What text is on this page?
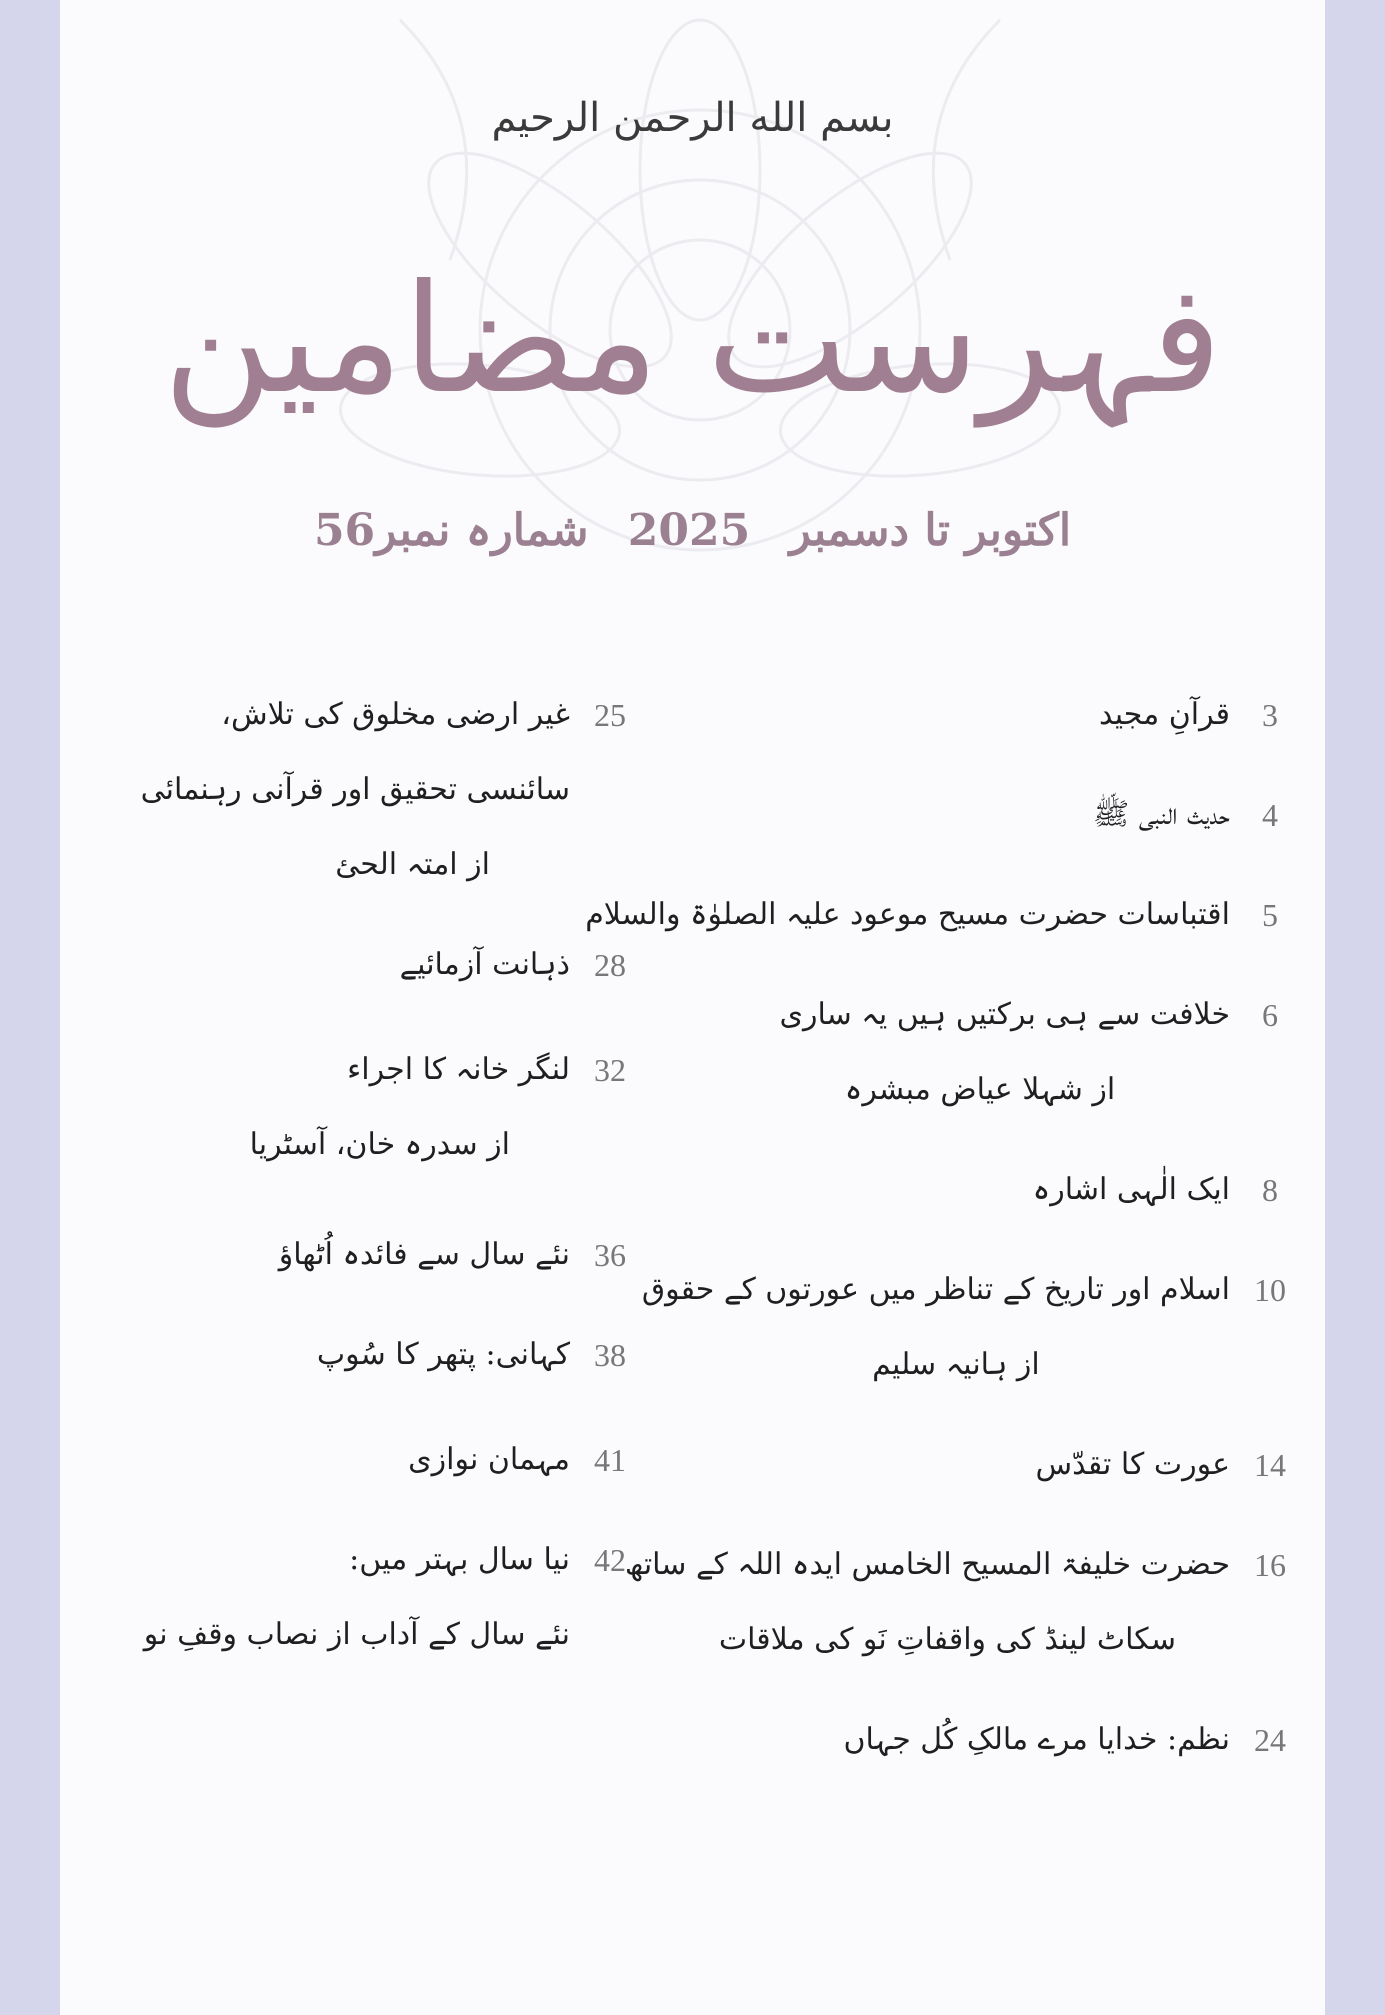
بسم الله الرحمن الرحيم
فہرست مضامین
اکتوبر تا دسمبر 2025 شمارہ نمبر56
3
قرآنِ مجید
4
حدیث النبی ﷺ
5
اقتباسات حضرت مسیح موعود علیہ الصلوٰۃ والسلام
6
خلافت سے ہی برکتیں ہیں یہ ساری
از شہلا عیاض مبشرہ
8
ایک الٰہی اشارہ
10
اسلام اور تاریخ کے تناظر میں عورتوں کے حقوق
از ہانیہ سلیم
14
عورت کا تقدّس
16
حضرت خلیفۃ المسیح الخامس ایدہ اللہ کے ساتھ
سکاٹ لینڈ کی واقفاتِ نَو کی ملاقات
24
نظم: خدایا مرے مالکِ کُل جہاں
25
غیر ارضی مخلوق کی تلاش،
سائنسی تحقیق اور قرآنی رہنمائی
از امتہ الحئ
28
ذہانت آزمائیے
32
لنگر خانہ کا اجراء
از سدرہ خان، آسٹریا
36
نئے سال سے فائدہ اُٹھاؤ
38
کہانی: پتھر کا سُوپ
41
مہمان نوازی
42
نیا سال بہتر میں:
نئے سال کے آداب از نصاب وقفِ نو
